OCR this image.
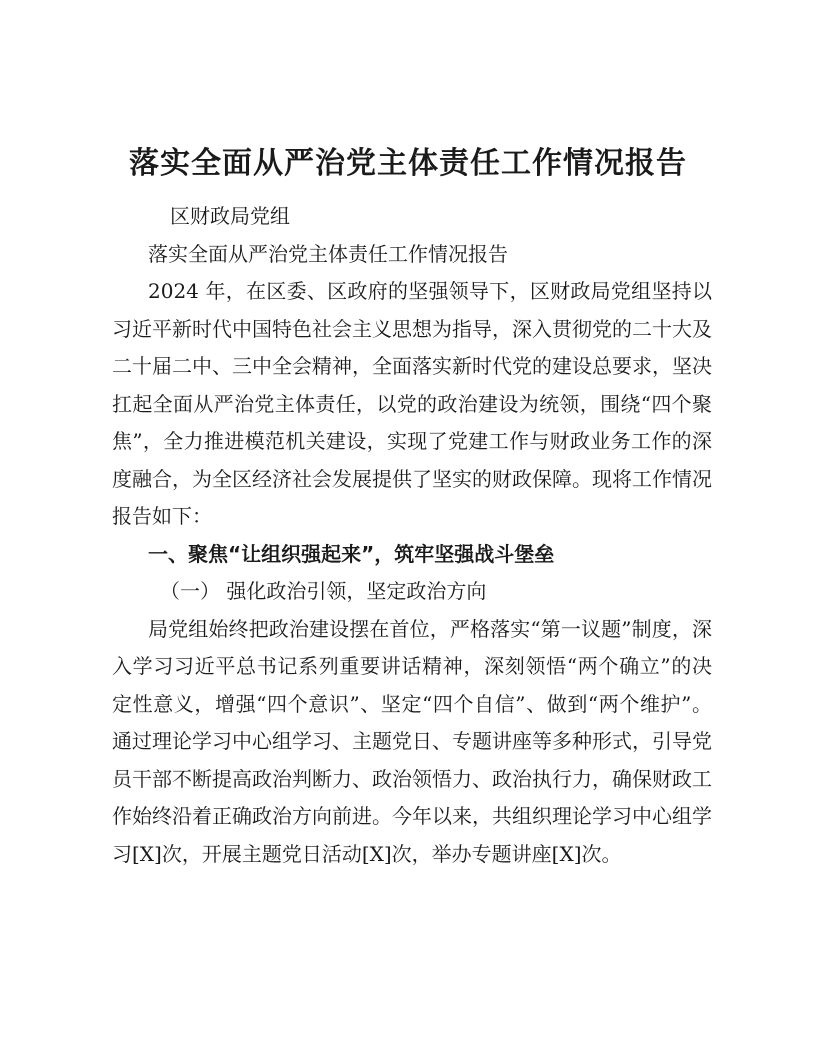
落实全面从严治党主体责任工作情况报告

区财政局党组

落实全面从严治党主体责任工作情况报告

2024 年，在区委、区政府的坚强领导下，区财政局党组坚持以习近平新时代中国特色社会主义思想为指导，深入贯彻党的二十大及二十届二中、三中全会精神，全面落实新时代党的建设总要求，坚决扛起全面从严治党主体责任，以党的政治建设为统领，围绕“四个聚焦”，全力推进模范机关建设，实现了党建工作与财政业务工作的深度融合，为全区经济社会发展提供了坚实的财政保障。现将工作情况报告如下：

一、聚焦“让组织强起来”，筑牢坚强战斗堡垒

（一） 强化政治引领，坚定政治方向

局党组始终把政治建设摆在首位，严格落实“第一议题”制度，深入学习习近平总书记系列重要讲话精神，深刻领悟“两个确立”的决定性意义，增强“四个意识”、坚定“四个自信”、做到“两个维护”。通过理论学习中心组学习、主题党日、专题讲座等多种形式，引导党员干部不断提高政治判断力、政治领悟力、政治执行力，确保财政工作始终沿着正确政治方向前进。今年以来，共组织理论学习中心组学习[X]次，开展主题党日活动[X]次，举办专题讲座[X]次。
